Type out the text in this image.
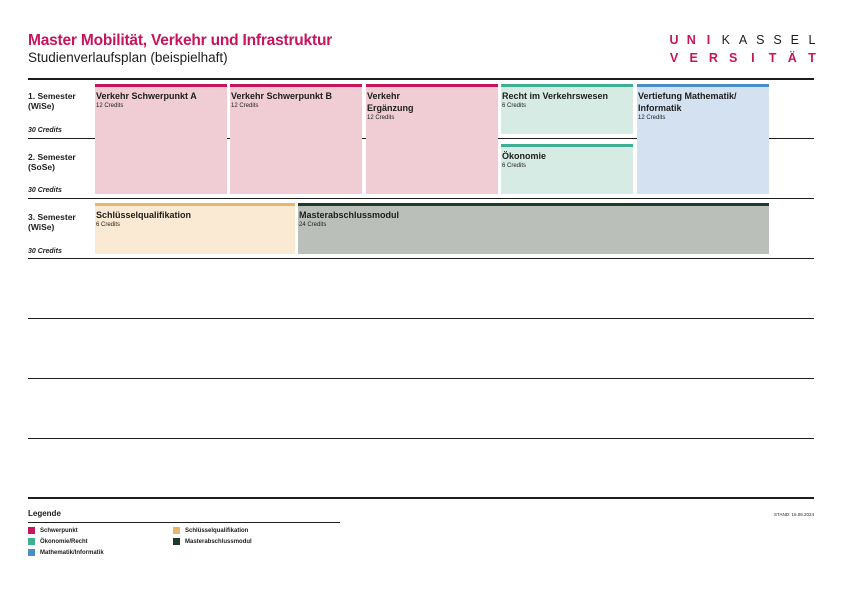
Master Mobilität, Verkehr und Infrastruktur
Studienverlaufsplan (beispielhaft)
U N I K A S S E L
V E R S	I	T Ä T
1. Semester
(WiSe)
30 Credits
2. Semester
(SoSe)
30 Credits
3. Semester
(WiSe)
30 Credits
Verkehr Schwerpunkt A
12 Credits
Verkehr Schwerpunkt B
12 Credits
Verkehr
Ergänzung
12 Credits
Recht im Verkehrswesen
6 Credits
Ökonomie
6 Credits
Vertiefung Mathematik/
Informatik
12 Credits
Schlüsselqualifikation
6 Credits
Masterabschlussmodul
24 Credits
Legende
Schwerpunkt
Ökonomie/Recht
Mathematik/Informatik
Schlüsselqualifikation
Masterabschlussmodul
STAND: 15.08.2024
